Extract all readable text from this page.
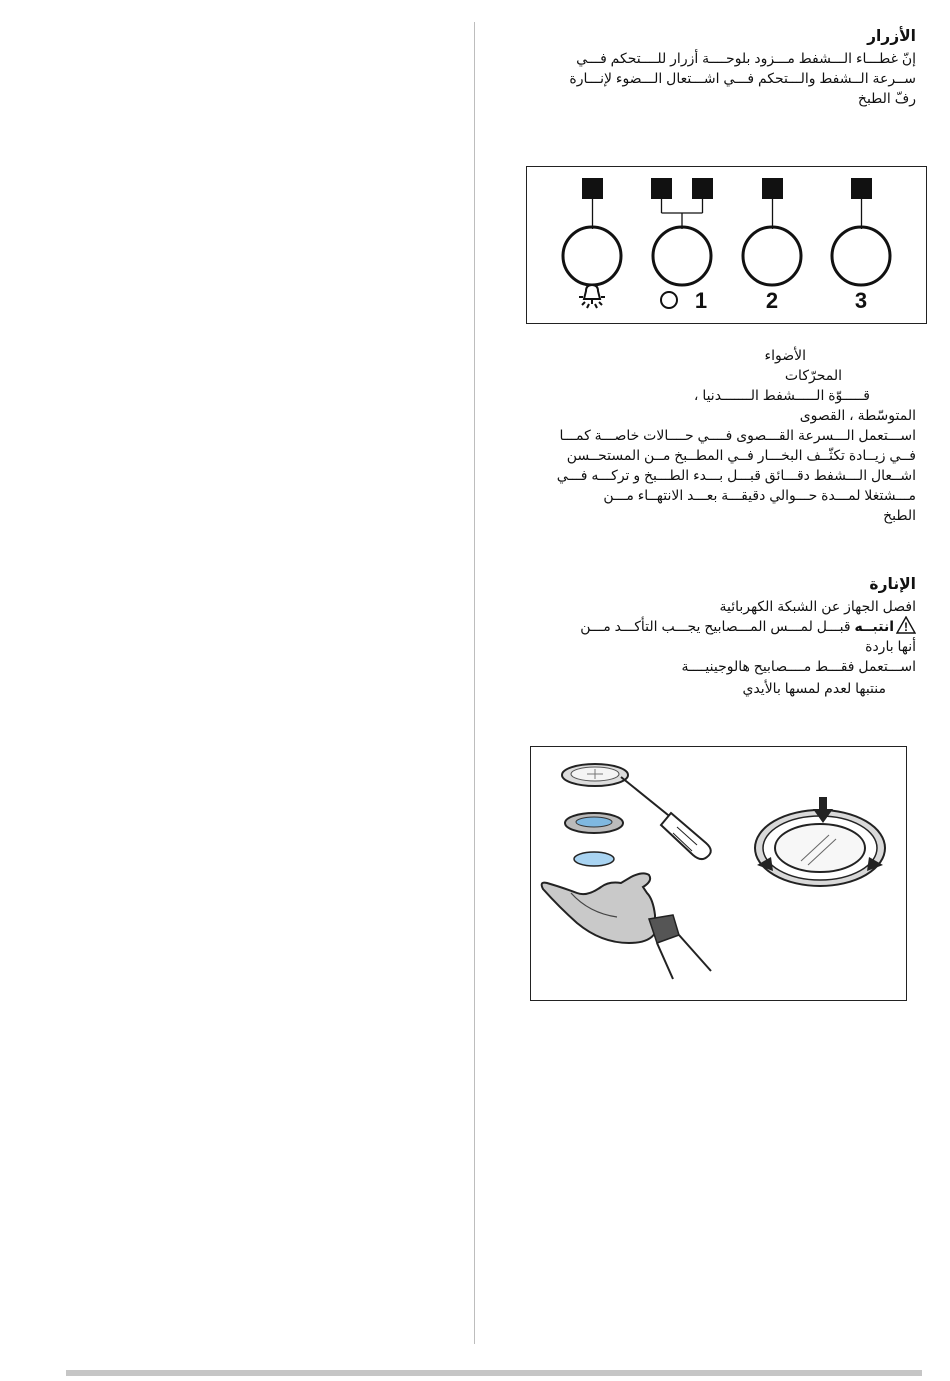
الأزرار

إنّ غطـــاء الـــشفط مـــزود بلوحــــة أزرار للــــتحكم فـــي

ســرعة الــشفط والـــتحكم فـــي اشـــتعال الـــضوء لإنـــارة

رفّ الطبخ

1	2	3

الأضواء

المحرّكات

قـــــوّة الـــــشفط الـــــــدنيا ،

المتوسّطة ، القصوى

اســـتعمل الـــسرعة القـــصوى فــــي حــــالات خاصـــة كمـــا

فــي زيــادة تكثّــف البخـــار فــي المطــبخ مــن المستحــسن

اشــعال الـــشفط دقـــائق قبـــل بـــدء الطـــبخ و تركـــه فـــي

مـــشتغلا لمـــدة حـــوالي دقيقـــة بعـــد الانتهــاء مـــن

الطبخ

الإنارة

افصل الجهاز عن الشبكة الكهربائية

!
انتبــه قبـــل لمـــس المـــصابيح يجـــب التأكـــد مـــن

أنها باردة

اســـتعمل فقـــط مــــصابيح هالوجينيــــة

منتبها لعدم لمسها بالأيدي
